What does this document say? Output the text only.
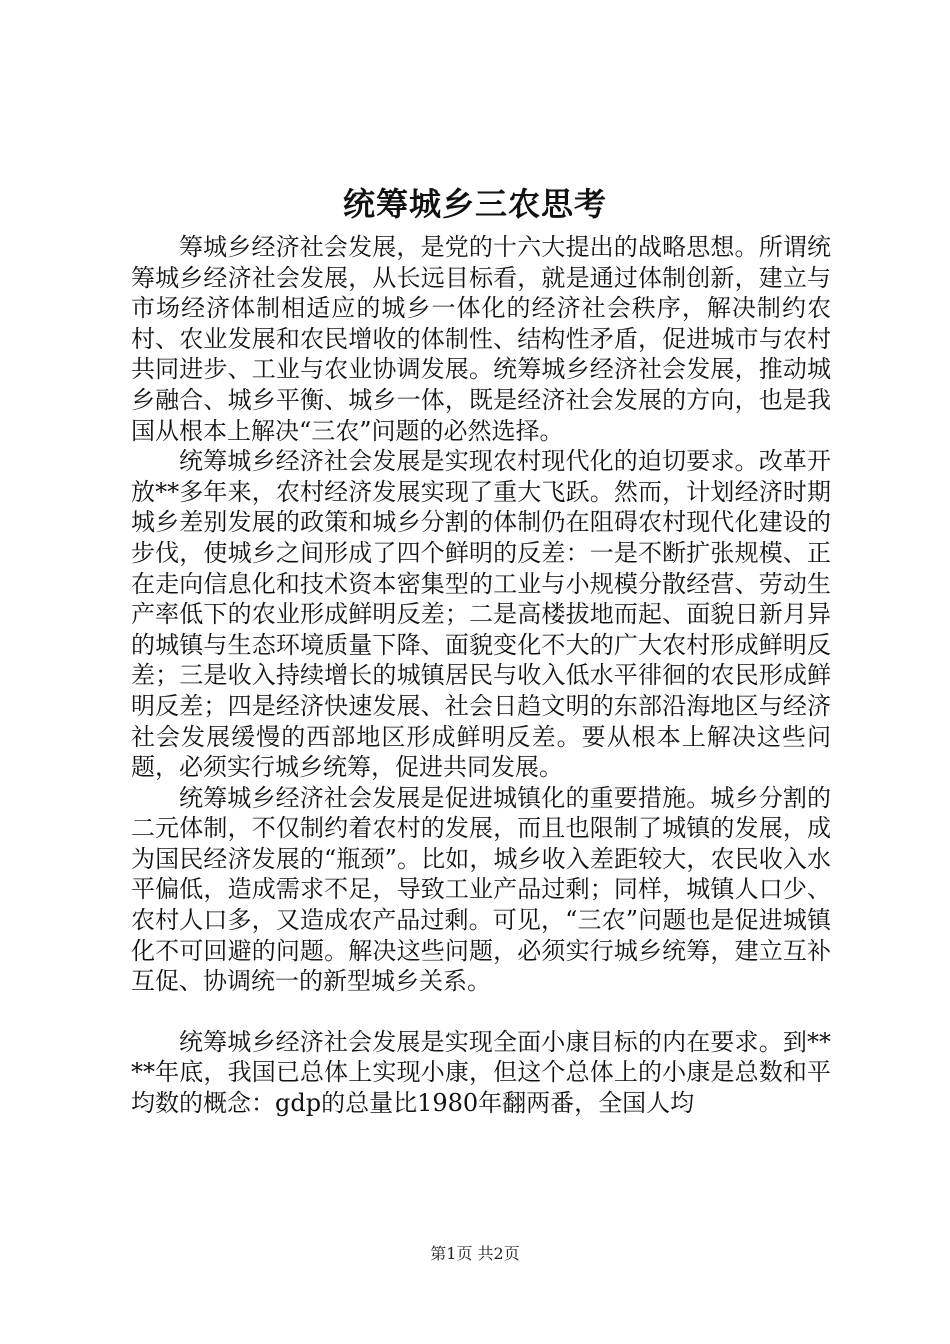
统筹城乡三农思考

筹城乡经济社会发展，是党的十六大提出的战略思想。所谓统筹城乡经济社会发展，从长远目标看，就是通过体制创新，建立与市场经济体制相适应的城乡一体化的经济社会秩序，解决制约农村、农业发展和农民增收的体制性、结构性矛盾，促进城市与农村共同进步、工业与农业协调发展。统筹城乡经济社会发展，推动城乡融合、城乡平衡、城乡一体，既是经济社会发展的方向，也是我国从根本上解决“三农”问题的必然选择。

统筹城乡经济社会发展是实现农村现代化的迫切要求。改革开放**多年来，农村经济发展实现了重大飞跃。然而，计划经济时期城乡差别发展的政策和城乡分割的体制仍在阻碍农村现代化建设的步伐，使城乡之间形成了四个鲜明的反差：一是不断扩张规模、正在走向信息化和技术资本密集型的工业与小规模分散经营、劳动生产率低下的农业形成鲜明反差；二是高楼拔地而起、面貌日新月异的城镇与生态环境质量下降、面貌变化不大的广大农村形成鲜明反差；三是收入持续增长的城镇居民与收入低水平徘徊的农民形成鲜明反差；四是经济快速发展、社会日趋文明的东部沿海地区与经济社会发展缓慢的西部地区形成鲜明反差。要从根本上解决这些问题，必须实行城乡统筹，促进共同发展。

统筹城乡经济社会发展是促进城镇化的重要措施。城乡分割的二元体制，不仅制约着农村的发展，而且也限制了城镇的发展，成为国民经济发展的“瓶颈”。比如，城乡收入差距较大，农民收入水平偏低，造成需求不足，导致工业产品过剩；同样，城镇人口少、农村人口多，又造成农产品过剩。可见，“三农”问题也是促进城镇化不可回避的问题。解决这些问题，必须实行城乡统筹，建立互补互促、协调统一的新型城乡关系。

统筹城乡经济社会发展是实现全面小康目标的内在要求。到****年底，我国已总体上实现小康，但这个总体上的小康是总数和平均数的概念：gdp的总量比1980年翻两番，全国人均

第1页 共2页
